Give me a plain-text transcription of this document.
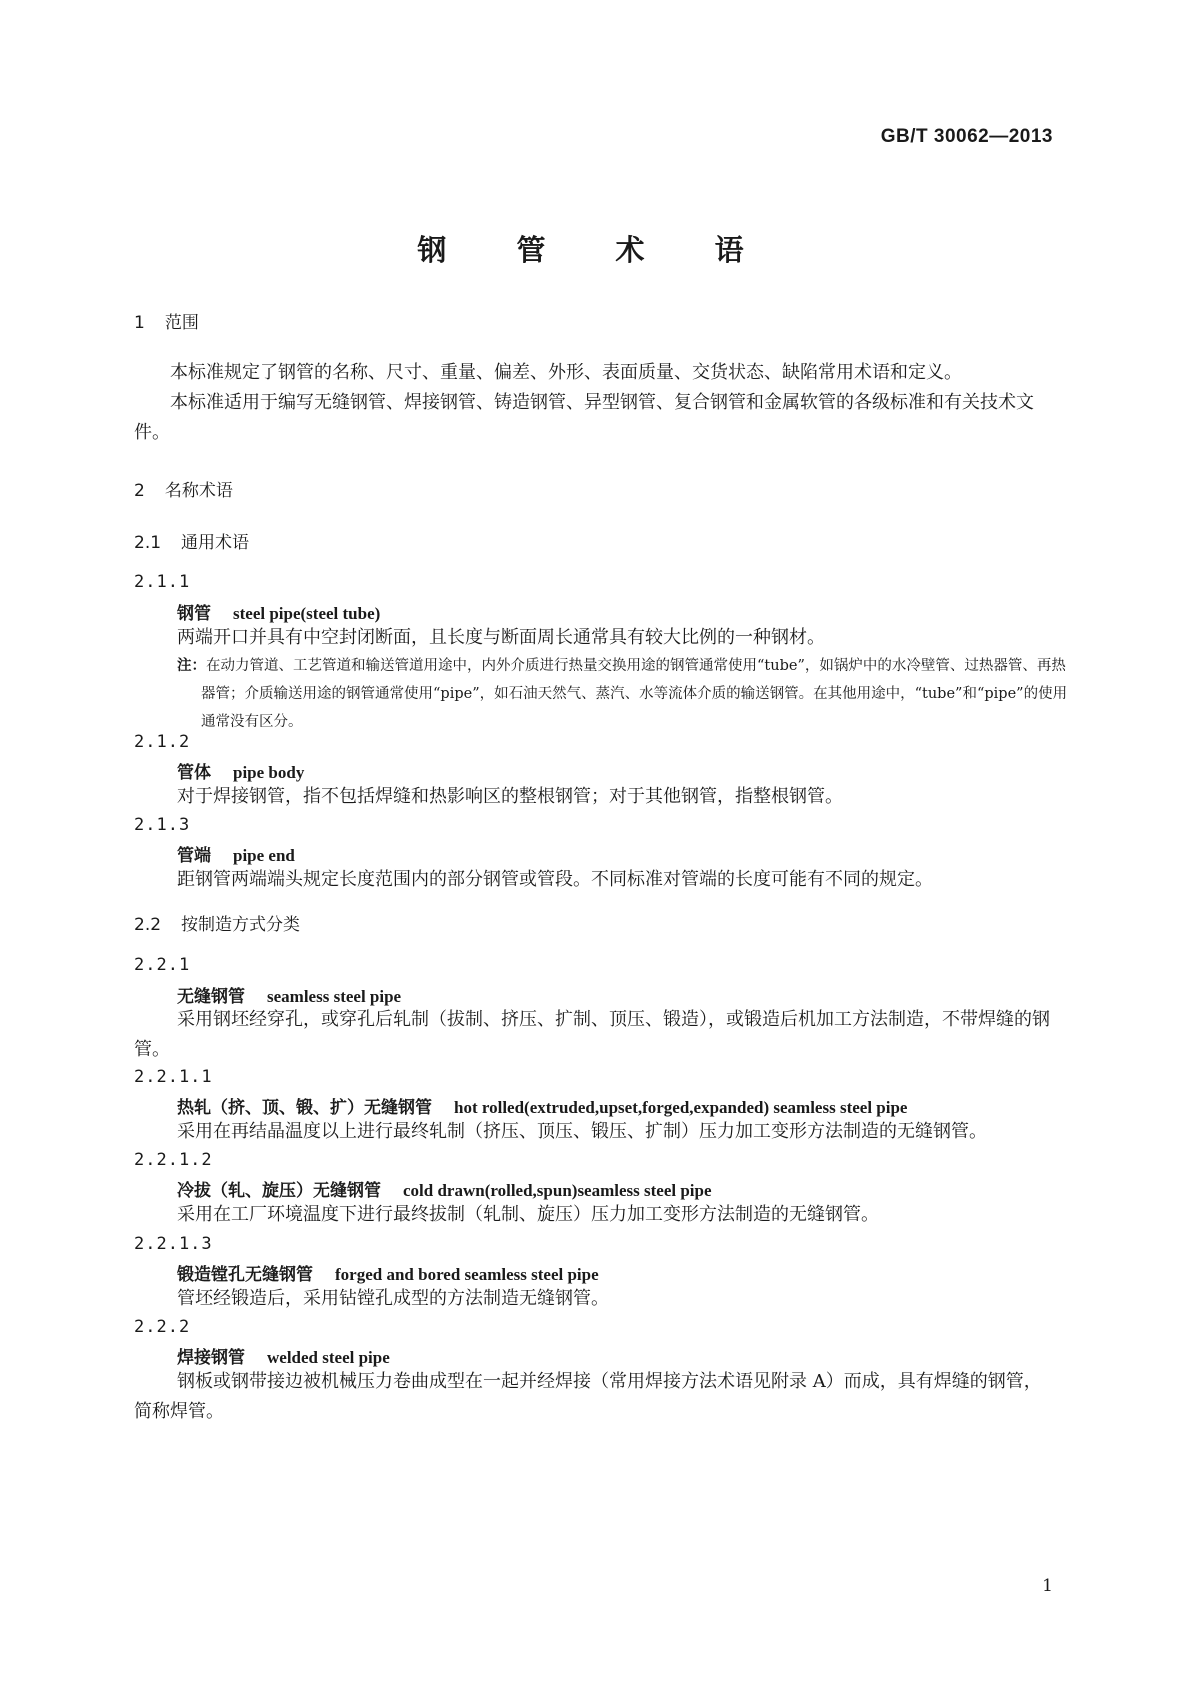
GB/T 30062—2013
钢 管 术 语
1 范围
本标准规定了钢管的名称、尺寸、重量、偏差、外形、表面质量、交货状态、缺陷常用术语和定义。
本标准适用于编写无缝钢管、焊接钢管、铸造钢管、异型钢管、复合钢管和金属软管的各级标准和有关技术文件。
2 名称术语
2.1 通用术语
2.1.1
钢管 steel pipe(steel tube)
两端开口并具有中空封闭断面，且长度与断面周长通常具有较大比例的一种钢材。
注：在动力管道、工艺管道和输送管道用途中，内外介质进行热量交换用途的钢管通常使用“tube”，如锅炉中的水冷壁管、过热器管、再热器管；介质输送用途的钢管通常使用“pipe”，如石油天然气、蒸汽、水等流体介质的输送钢管。在其他用途中，“tube”和“pipe”的使用通常没有区分。
2.1.2
管体 pipe body
对于焊接钢管，指不包括焊缝和热影响区的整根钢管；对于其他钢管，指整根钢管。
2.1.3
管端 pipe end
距钢管两端端头规定长度范围内的部分钢管或管段。不同标准对管端的长度可能有不同的规定。
2.2 按制造方式分类
2.2.1
无缝钢管 seamless steel pipe
采用钢坯经穿孔，或穿孔后轧制（拔制、挤压、扩制、顶压、锻造），或锻造后机加工方法制造，不带焊缝的钢管。
2.2.1.1
热轧（挤、顶、锻、扩）无缝钢管 hot rolled(extruded,upset,forged,expanded) seamless steel pipe
采用在再结晶温度以上进行最终轧制（挤压、顶压、锻压、扩制）压力加工变形方法制造的无缝钢管。
2.2.1.2
冷拔（轧、旋压）无缝钢管 cold drawn(rolled,spun)seamless steel pipe
采用在工厂环境温度下进行最终拔制（轧制、旋压）压力加工变形方法制造的无缝钢管。
2.2.1.3
锻造镗孔无缝钢管 forged and bored seamless steel pipe
管坯经锻造后，采用钻镗孔成型的方法制造无缝钢管。
2.2.2
焊接钢管 welded steel pipe
钢板或钢带接边被机械压力卷曲成型在一起并经焊接（常用焊接方法术语见附录 A）而成，具有焊缝的钢管，简称焊管。
1
